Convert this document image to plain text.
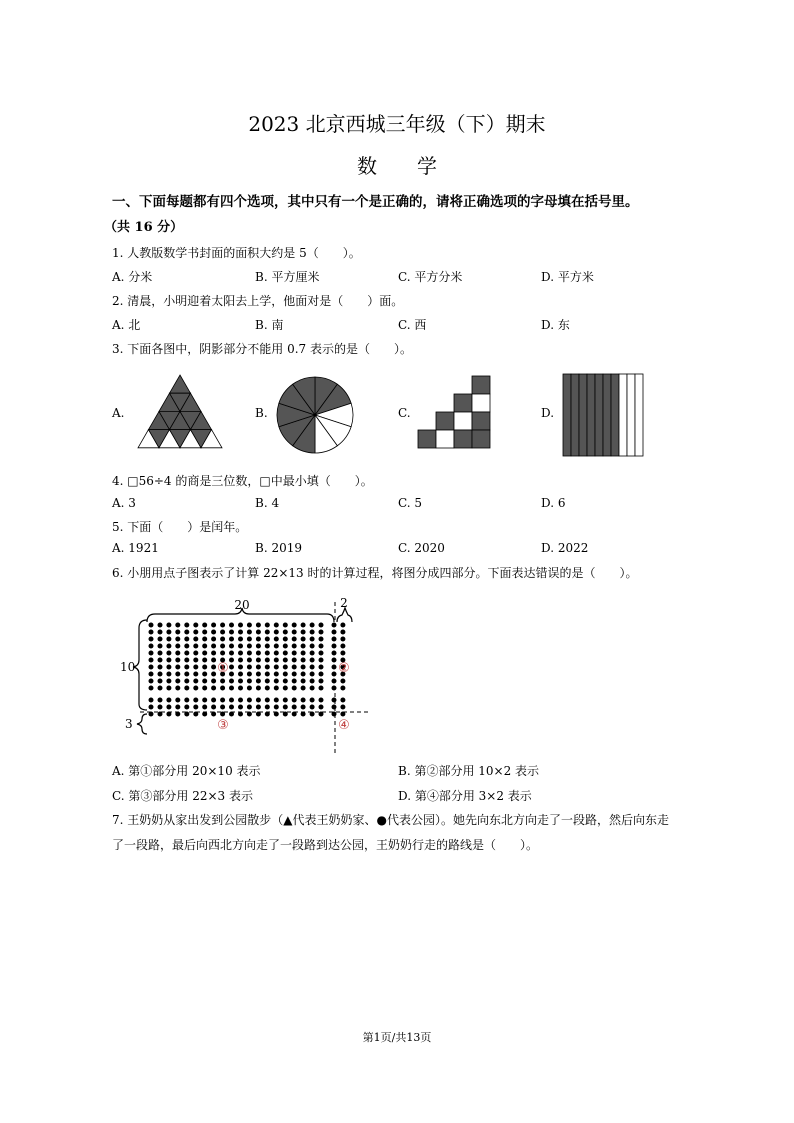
2023 北京西城三年级（下）期末
数　　学
一、下面每题都有四个选项，其中只有一个是正确的，请将正确选项的字母填在括号里。
（共 16 分）
1. 人教版数学书封面的面积大约是 5（　　）。
A. 分米	B. 平方厘米	C. 平方分米	D. 平方米
2. 清晨，小明迎着太阳去上学，他面对是（　　）面。
A. 北	B. 南	C. 西	D. 东
3. 下面各图中，阴影部分不能用 0.7 表示的是（　　）。
A.	B.	C.	D.
4. □56÷4 的商是三位数，□中最小填（　　）。
A. 3	B. 4	C. 5	D. 6
5. 下面（　　）是闰年。
A. 1921	B. 2019	C. 2020	D. 2022
6. 小朋用点子图表示了计算 22×13 时的计算过程，将图分成四部分。下面表达错误的是（　　）。
20	2
10
3
①	②
③	④
A. 第①部分用 20×10 表示	B. 第②部分用 10×2 表示
C. 第③部分用 22×3 表示	D. 第④部分用 3×2 表示
7. 王奶奶从家出发到公园散步（▲代表王奶奶家、●代表公园）。她先向东北方向走了一段路，然后向东走
了一段路，最后向西北方向走了一段路到达公园，王奶奶行走的路线是（　　）。
第1页/共13页
